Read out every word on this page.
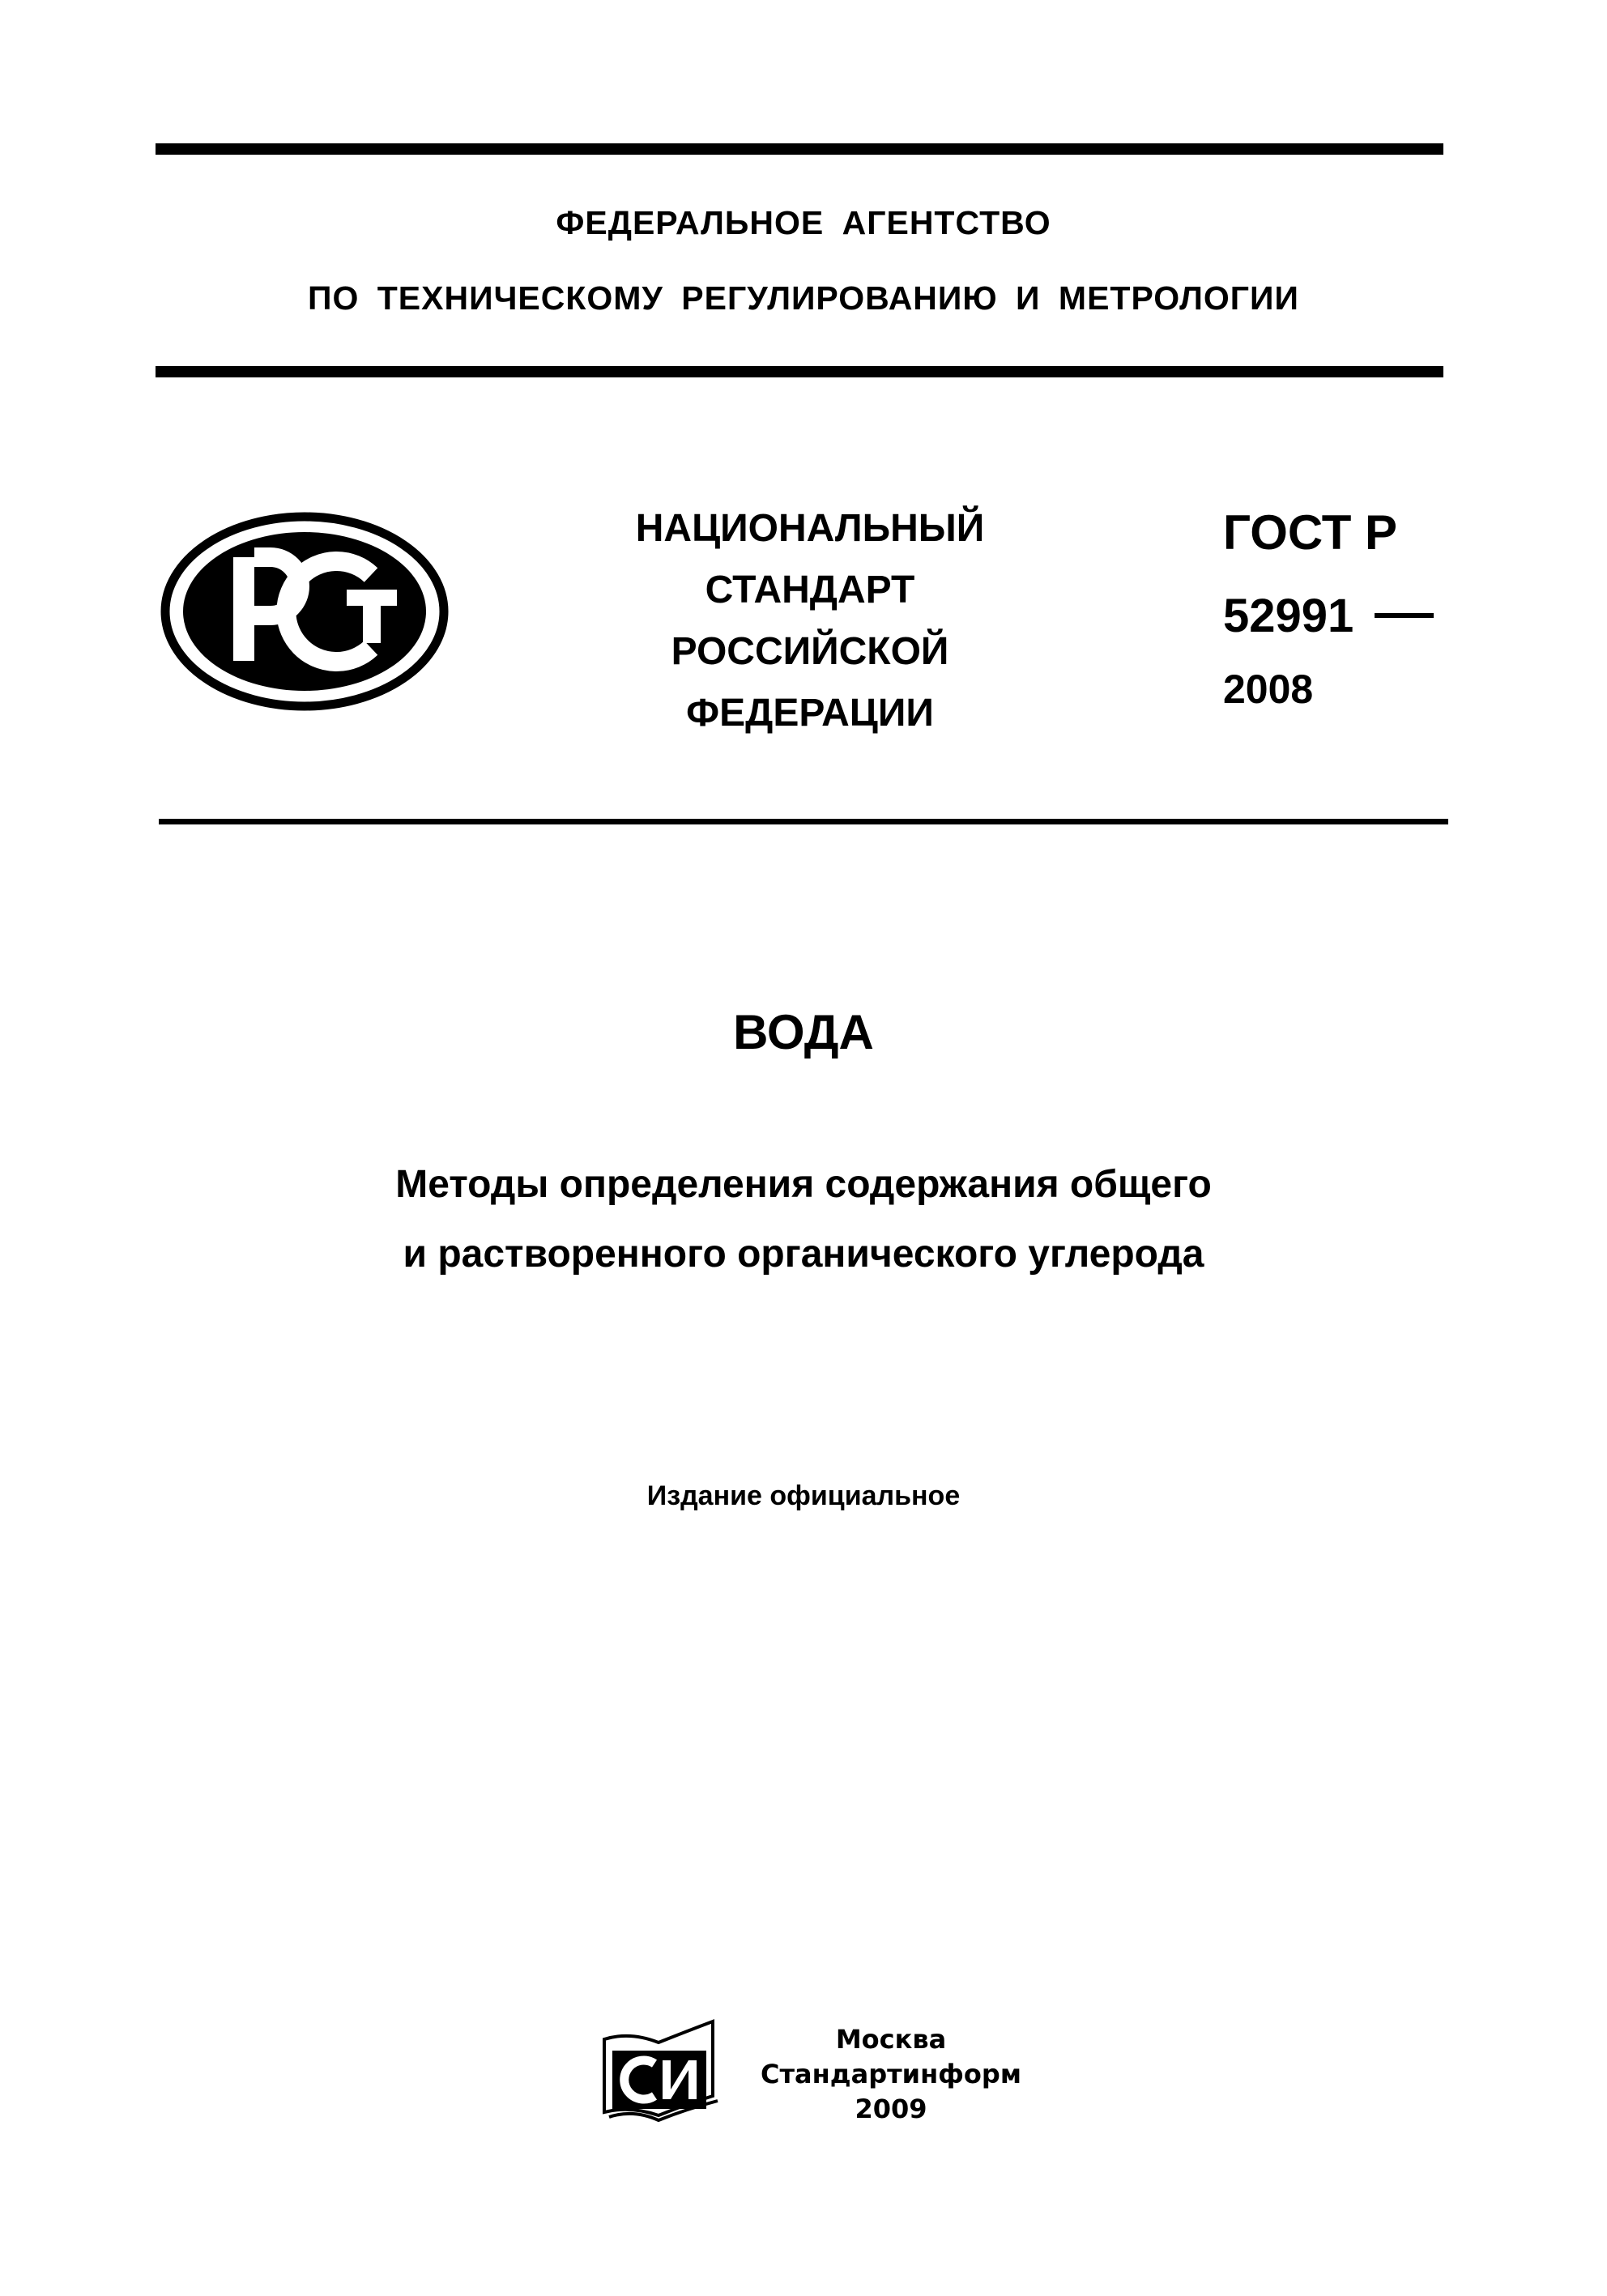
ФЕДЕРАЛЬНОЕ АГЕНТСТВО
ПО ТЕХНИЧЕСКОМУ РЕГУЛИРОВАНИЮ И МЕТРОЛОГИИ
НАЦИОНАЛЬНЫЙ
СТАНДАРТ
РОССИЙСКОЙ
ФЕДЕРАЦИИ
ГОСТ Р
52991
2008
ВОДА
Методы определения содержания общего
и растворенного органического углерода
Издание официальное
Москва
Стандартинформ
2009
